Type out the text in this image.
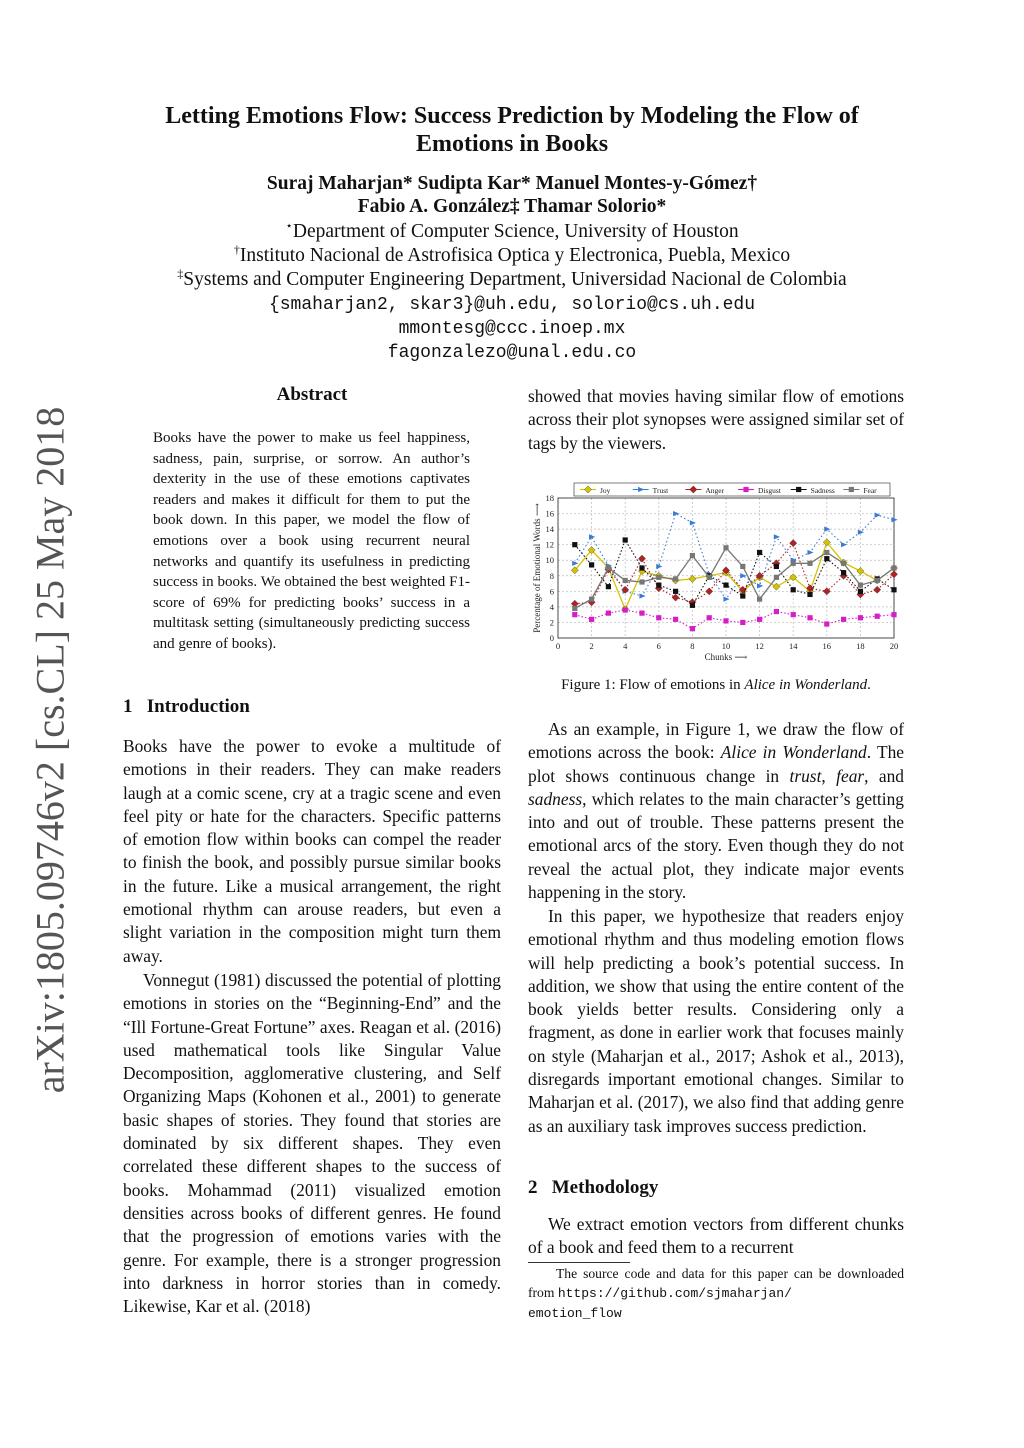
arXiv:1805.09746v2 [cs.CL] 25 May 2018
Letting Emotions Flow: Success Prediction by Modeling the Flow of
Emotions in Books
Suraj Maharjan* Sudipta Kar* Manuel Montes-y-Gómez†
Fabio A. González‡ Thamar Solorio*
⋆Department of Computer Science, University of Houston
†Instituto Nacional de Astrofisica Optica y Electronica, Puebla, Mexico
‡Systems and Computer Engineering Department, Universidad Nacional de Colombia
{smaharjan2, skar3}@uh.edu, solorio@cs.uh.edu
mmontesg@ccc.inoep.mx
fagonzalezo@unal.edu.co
Abstract
Books have the power to make us feel happiness, sadness, pain, surprise, or sorrow. An author’s dexterity in the use of these emotions captivates readers and makes it difficult for them to put the book down. In this paper, we model the flow of emotions over a book using recurrent neural networks and quantify its usefulness in predicting success in books. We obtained the best weighted F1-score of 69% for predicting books’ success in a multitask setting (simultaneously predicting success and genre of books).
1 Introduction
Books have the power to evoke a multitude of emotions in their readers. They can make readers laugh at a comic scene, cry at a tragic scene and even feel pity or hate for the characters. Specific patterns of emotion flow within books can compel the reader to finish the book, and possibly pursue similar books in the future. Like a musical arrangement, the right emotional rhythm can arouse readers, but even a slight variation in the composition might turn them away.
Vonnegut (1981) discussed the potential of plotting emotions in stories on the “Beginning-End” and the “Ill Fortune-Great Fortune” axes. Reagan et al. (2016) used mathematical tools like Singular Value Decomposition, agglomerative clustering, and Self Organizing Maps (Kohonen et al., 2001) to generate basic shapes of stories. They found that stories are dominated by six different shapes. They even correlated these different shapes to the success of books. Mohammad (2011) visualized emotion densities across books of different genres. He found that the progression of emotions varies with the genre. For example, there is a stronger progression into darkness in horror stories than in comedy. Likewise, Kar et al. (2018)
showed that movies having similar flow of emotions across their plot synopses were assigned similar set of tags by the viewers.
0	2	4	6	8	10	12	14	16	18	20
0
2
4
6
8
10
12
14
16
18
Chunks ⟶
Percentage of Emotional Words ⟶
Joy	Trust	Anger	Disgust	Sadness	Fear
Figure 1: Flow of emotions in Alice in Wonderland.
As an example, in Figure 1, we draw the flow of emotions across the book: Alice in Wonderland. The plot shows continuous change in trust, fear, and sadness, which relates to the main character’s getting into and out of trouble. These patterns present the emotional arcs of the story. Even though they do not reveal the actual plot, they indicate major events happening in the story.
In this paper, we hypothesize that readers enjoy emotional rhythm and thus modeling emotion flows will help predicting a book’s potential success. In addition, we show that using the entire content of the book yields better results. Considering only a fragment, as done in earlier work that focuses mainly on style (Maharjan et al., 2017; Ashok et al., 2013), disregards important emotional changes. Similar to Maharjan et al. (2017), we also find that adding genre as an auxiliary task improves success prediction.
2 Methodology
We extract emotion vectors from different chunks of a book and feed them to a recurrent
The source code and data for this paper can be downloaded from https://github.com/sjmaharjan/
emotion_flow
